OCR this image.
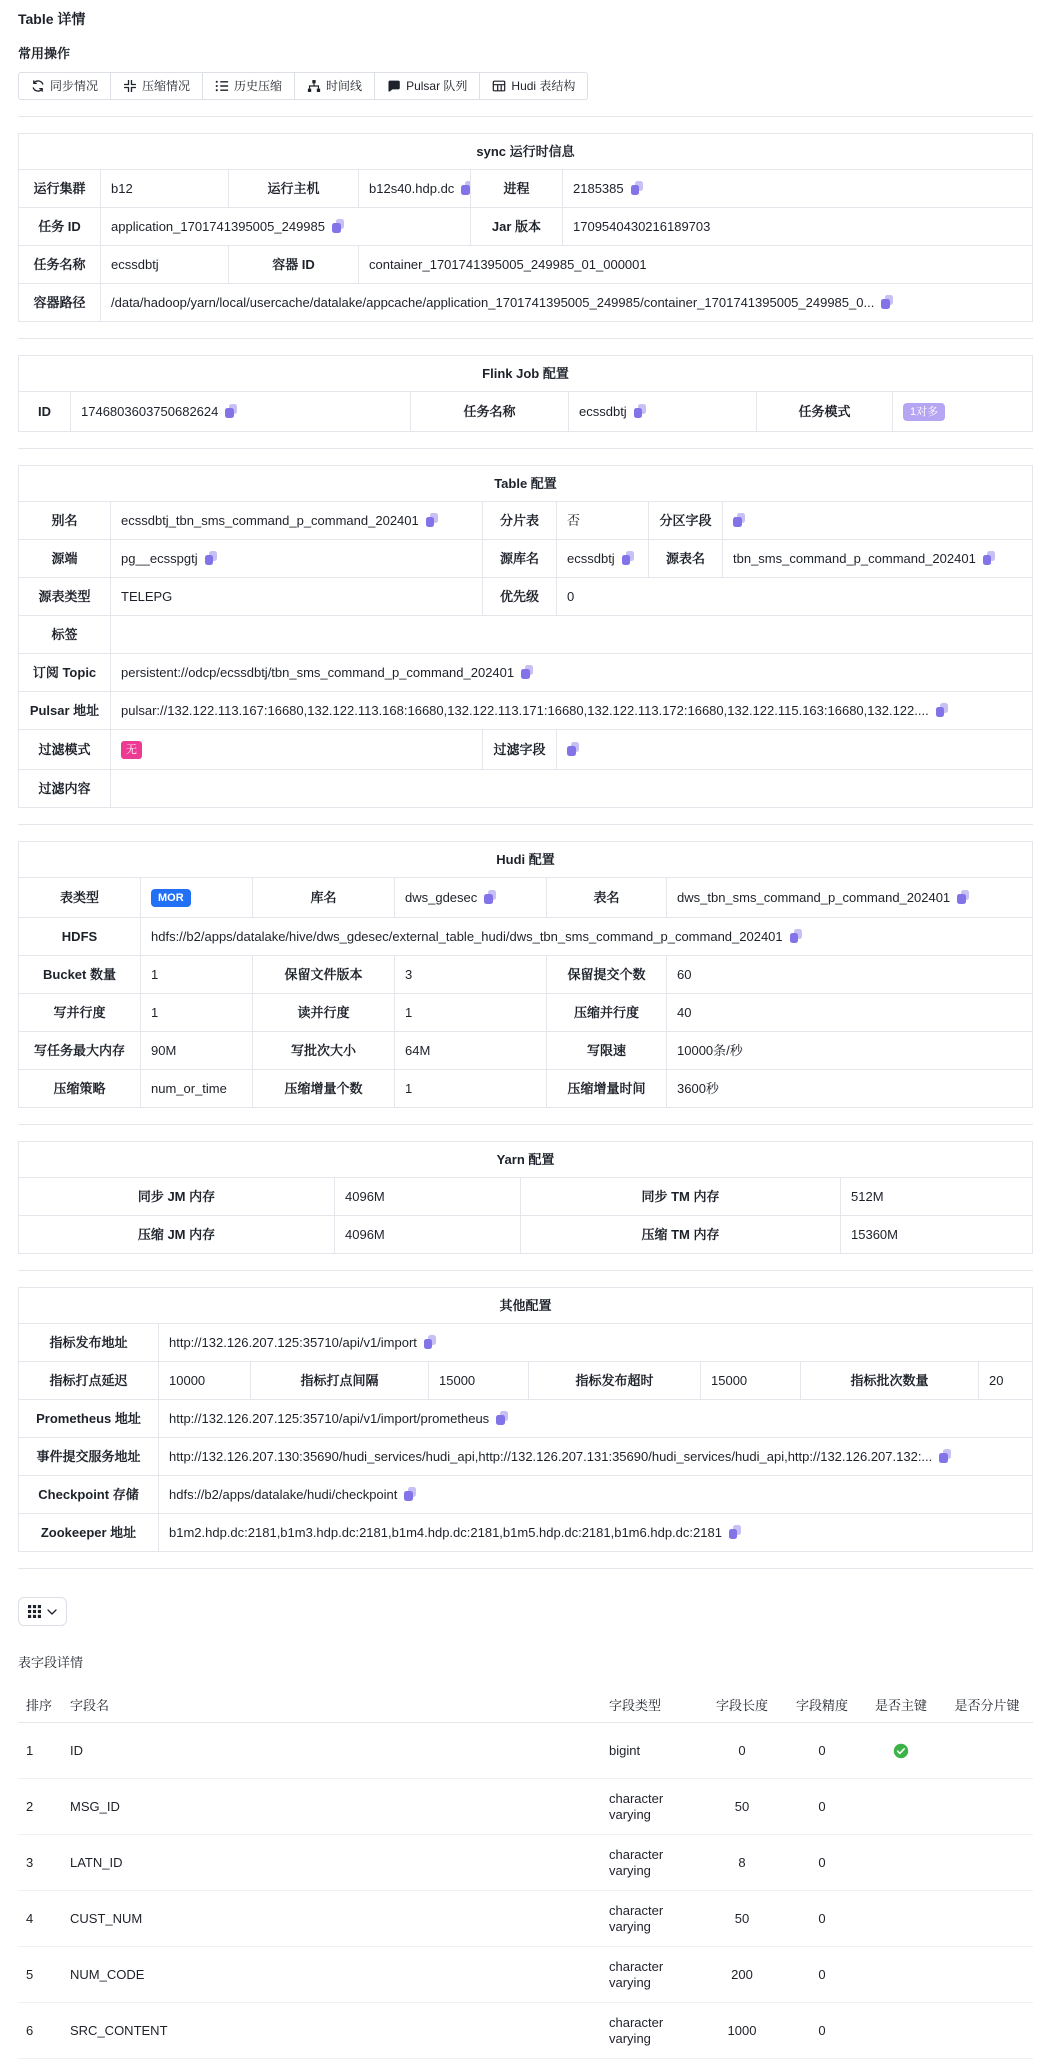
Table 详情
常用操作
同步情况	压缩情况	历史压缩	时间线	Pulsar 队列	Hudi 表结构
sync 运行时信息					
运行集群	b12	运行主机	b12s40.hdp.dc	进程	2185385
任务 ID	application_1701741395005_249985			Jar 版本	1709540430216189703
任务名称	ecssdbtj	容器 ID	container_1701741395005_249985_01_000001		
容器路径	/data/hadoop/yarn/local/usercache/datalake/appcache/application_1701741395005_249985/container_1701741395005_249985_0...				
Flink Job 配置
ID	1746803603750682624	任务名称	ecssdbtj	任务模式	1对多
Table 配置					
别名	ecssdbtj_tbn_sms_command_p_command_202401	分片表	否	分区字段	
源端	pg__ecsspgtj	源库名	ecssdbtj	源表名	tbn_sms_command_p_command_202401
源表类型	TELEPG	优先级	0		
标签					
订阅 Topic	persistent://odcp/ecssdbtj/tbn_sms_command_p_command_202401				
Pulsar 地址	pulsar://132.122.113.167:16680,132.122.113.168:16680,132.122.113.171:16680,132.122.113.172:16680,132.122.115.163:16680,132.122....				
过滤模式	无	过滤字段			
过滤内容					
Hudi 配置					
表类型	MOR	库名	dws_gdesec	表名	dws_tbn_sms_command_p_command_202401
HDFS	hdfs://b2/apps/datalake/hive/dws_gdesec/external_table_hudi/dws_tbn_sms_command_p_command_202401				
Bucket 数量	1	保留文件版本	3	保留提交个数	60
写并行度	1	读并行度	1	压缩并行度	40
写任务最大内存	90M	写批次大小	64M	写限速	10000条/秒
压缩策略	num_or_time	压缩增量个数	1	压缩增量时间	3600秒
Yarn 配置			
同步 JM 内存	4096M	同步 TM 内存	512M
压缩 JM 内存	4096M	压缩 TM 内存	15360M
其他配置							
指标发布地址	http://132.126.207.125:35710/api/v1/import						
指标打点延迟	10000	指标打点间隔	15000	指标发布超时	15000	指标批次数量	20
Prometheus 地址	http://132.126.207.125:35710/api/v1/import/prometheus						
事件提交服务地址	http://132.126.207.130:35690/hudi_services/hudi_api,http://132.126.207.131:35690/hudi_services/hudi_api,http://132.126.207.132:...						
Checkpoint 存储	hdfs://b2/apps/datalake/hudi/checkpoint						
Zookeeper 地址	b1m2.hdp.dc:2181,b1m3.hdp.dc:2181,b1m4.hdp.dc:2181,b1m5.hdp.dc:2181,b1m6.hdp.dc:2181						
表字段详情
排序	字段名	字段类型	字段长度	字段精度	是否主键	是否分片键
1	ID	bigint	0	0	

2	MSG_ID	character varying	50	0		
3	LATN_ID	character varying	8	0		
4	CUST_NUM	character varying	50	0		
5	NUM_CODE	character varying	200	0		
6	SRC_CONTENT	character varying	1000	0		
